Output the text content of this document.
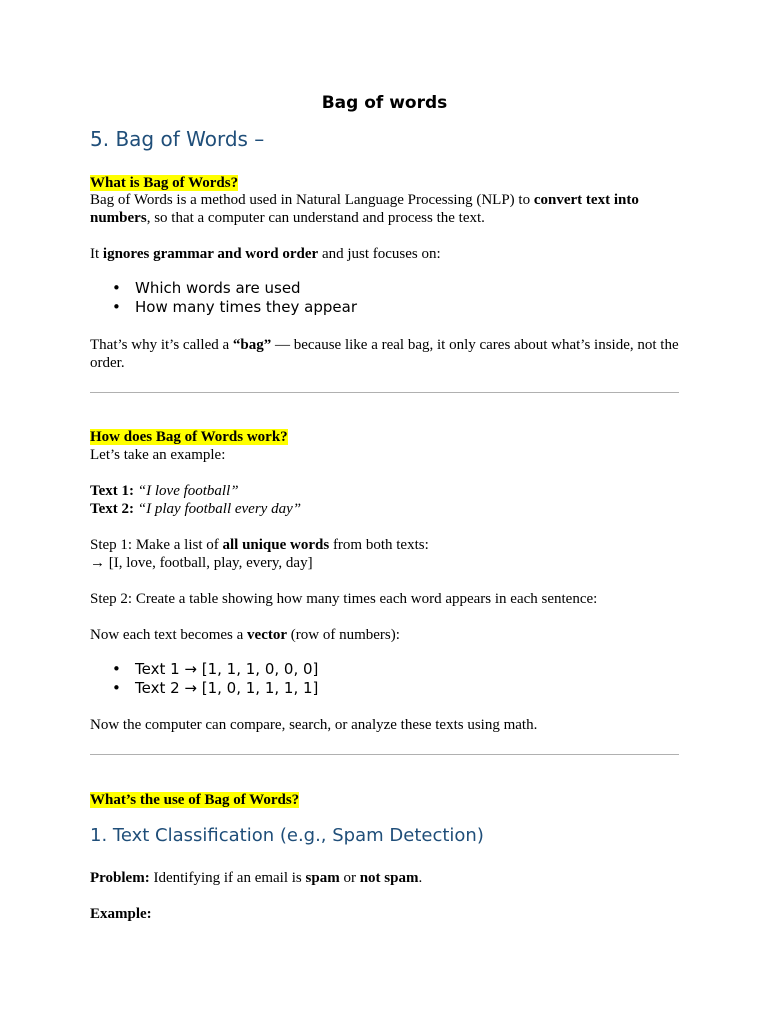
Bag of words
5. Bag of Words –
What is Bag of Words?
Bag of Words is a method used in Natural Language Processing (NLP) to convert text into numbers, so that a computer can understand and process the text.
It ignores grammar and word order and just focuses on:
• Which words are used
• How many times they appear
That’s why it’s called a “bag” — because like a real bag, it only cares about what’s inside, not the order.
How does Bag of Words work?
Let’s take an example:
Text 1: “I love football”
Text 2: “I play football every day”
Step 1: Make a list of all unique words from both texts:
→ [I, love, football, play, every, day]
Step 2: Create a table showing how many times each word appears in each sentence:
Now each text becomes a vector (row of numbers):
• Text 1 → [1, 1, 1, 0, 0, 0]
• Text 2 → [1, 0, 1, 1, 1, 1]
Now the computer can compare, search, or analyze these texts using math.
What’s the use of Bag of Words?
1. Text Classification (e.g., Spam Detection)
Problem: Identifying if an email is spam or not spam.
Example:
